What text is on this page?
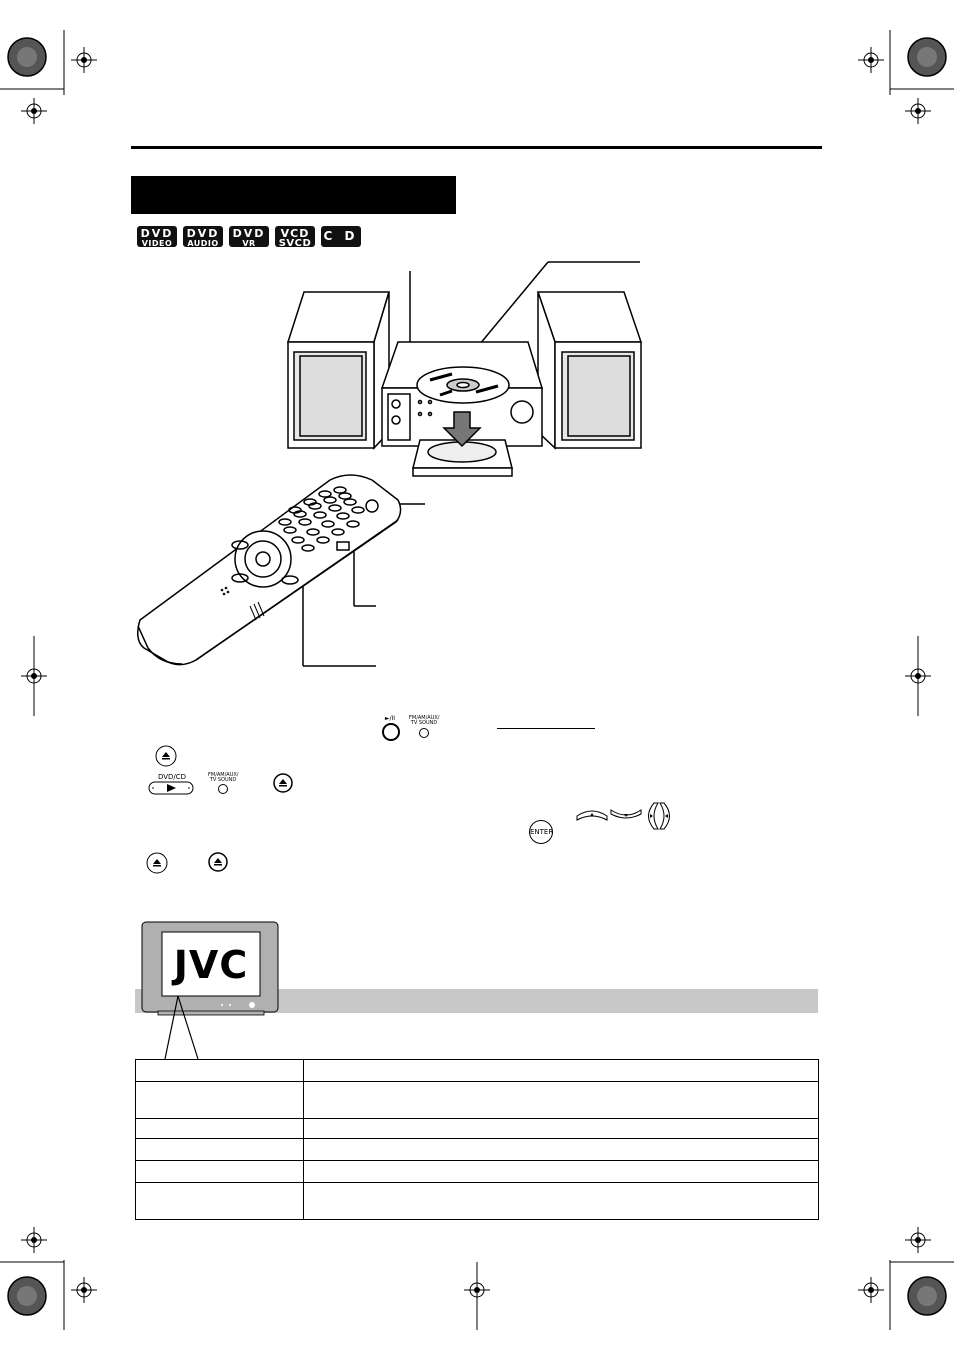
DVD
VIDEO
DVD
AUDIO
DVD
VR
VCD
SVCD
C D
►/II	FM/AM/AUX/
TV SOUND
DVD/CD	FM/AM/AUX/
TV SOUND
ENTER
JVC
